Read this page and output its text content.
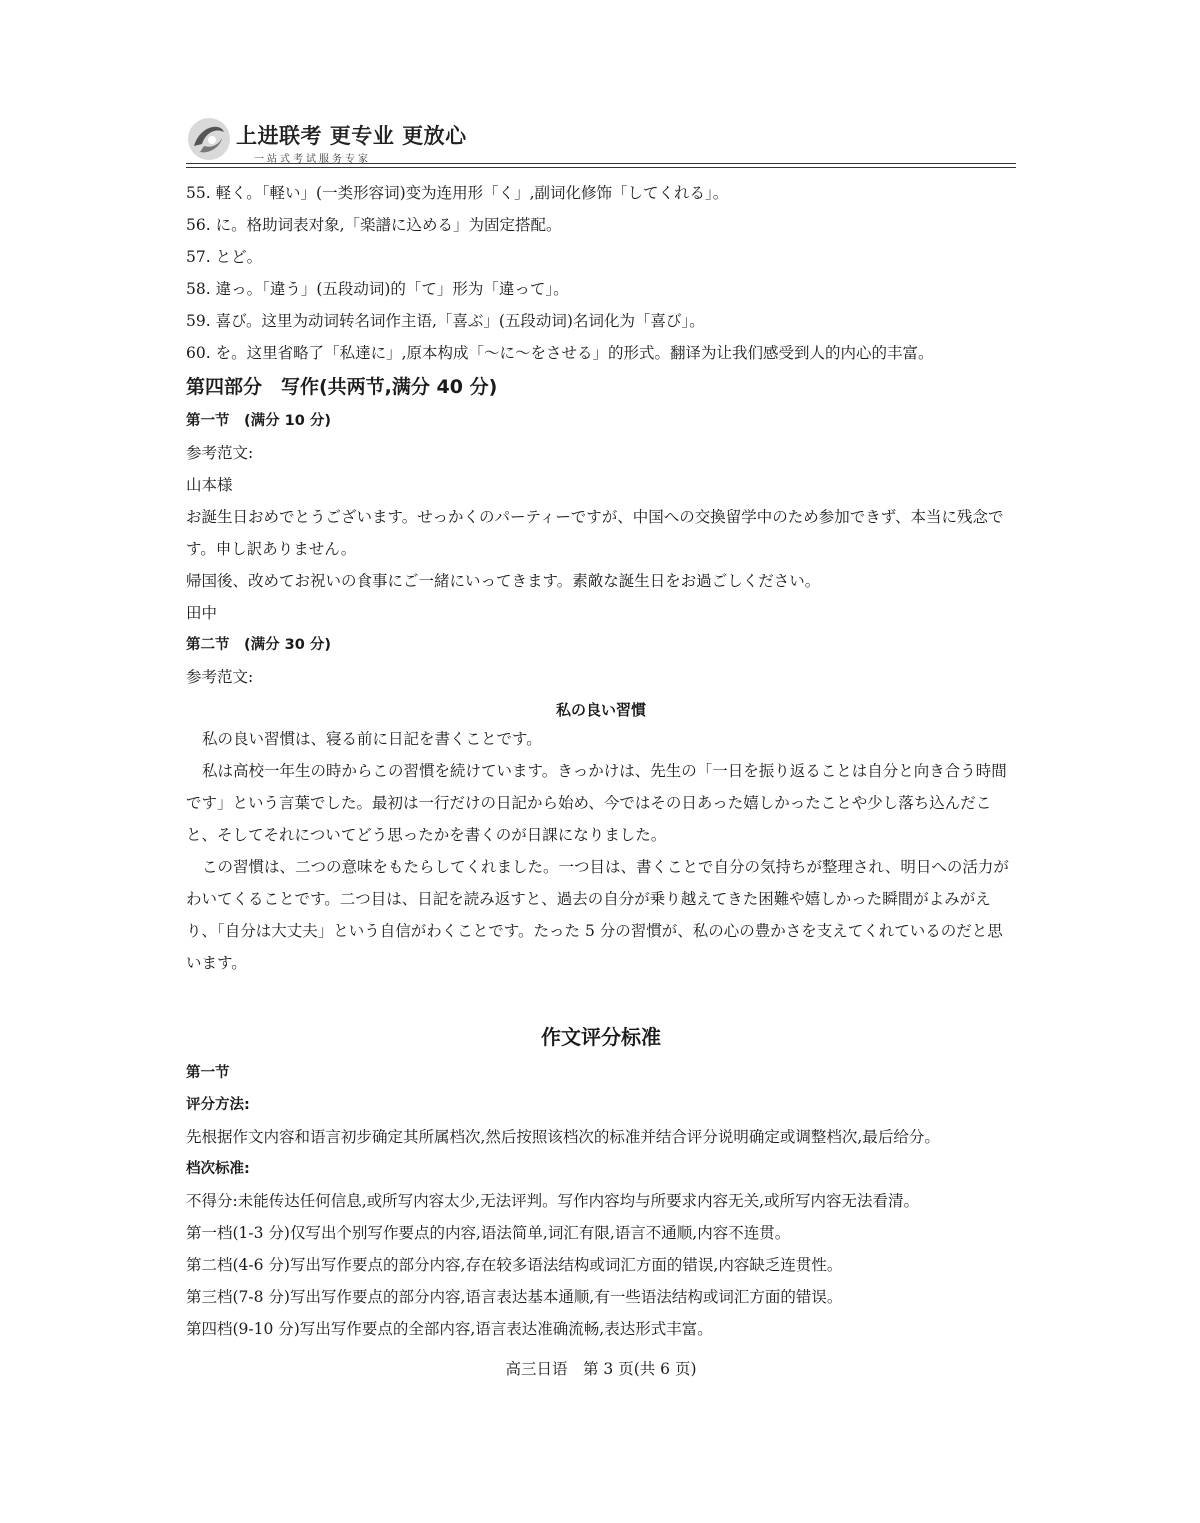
上进联考 更专业 更放心
一站式考试服务专家
55. 軽く。「軽い」(一类形容词)变为连用形「く」,副词化修饰「してくれる」。
56. に。格助词表对象,「楽譜に込める」为固定搭配。
57. とど。
58. 違っ。「違う」(五段动词)的「て」形为「違って」。
59. 喜び。这里为动词转名词作主语,「喜ぶ」(五段动词)名词化为「喜び」。
60. を。这里省略了「私達に」,原本构成「～に～をさせる」的形式。翻译为让我们感受到人的内心的丰富。
第四部分　写作(共两节,满分 40 分)
第一节　(满分 10 分)
参考范文:
山本様
お誕生日おめでとうございます。せっかくのパーティーですが、中国への交換留学中のため参加できず、本当に残念です。申し訳ありません。
帰国後、改めてお祝いの食事にご一緒にいってきます。素敵な誕生日をお過ごしください。
田中
第二节　(满分 30 分)
参考范文:
私の良い習慣
私の良い習慣は、寝る前に日記を書くことです。
私は高校一年生の時からこの習慣を続けています。きっかけは、先生の「一日を振り返ることは自分と向き合う時間です」という言葉でした。最初は一行だけの日記から始め、今ではその日あった嬉しかったことや少し落ち込んだこと、そしてそれについてどう思ったかを書くのが日課になりました。
この習慣は、二つの意味をもたらしてくれました。一つ目は、書くことで自分の気持ちが整理され、明日への活力がわいてくることです。二つ目は、日記を読み返すと、過去の自分が乗り越えてきた困難や嬉しかった瞬間がよみがえり、「自分は大丈夫」という自信がわくことです。たった 5 分の習慣が、私の心の豊かさを支えてくれているのだと思います。
作文评分标准
第一节
评分方法:
先根据作文内容和语言初步确定其所属档次,然后按照该档次的标准并结合评分说明确定或调整档次,最后给分。
档次标准:
不得分:未能传达任何信息,或所写内容太少,无法评判。写作内容均与所要求内容无关,或所写内容无法看清。
第一档(1-3 分)仅写出个别写作要点的内容,语法简单,词汇有限,语言不通顺,内容不连贯。
第二档(4-6 分)写出写作要点的部分内容,存在较多语法结构或词汇方面的错误,内容缺乏连贯性。
第三档(7-8 分)写出写作要点的部分内容,语言表达基本通顺,有一些语法结构或词汇方面的错误。
第四档(9-10 分)写出写作要点的全部内容,语言表达准确流畅,表达形式丰富。
高三日语　第 3 页(共 6 页)
